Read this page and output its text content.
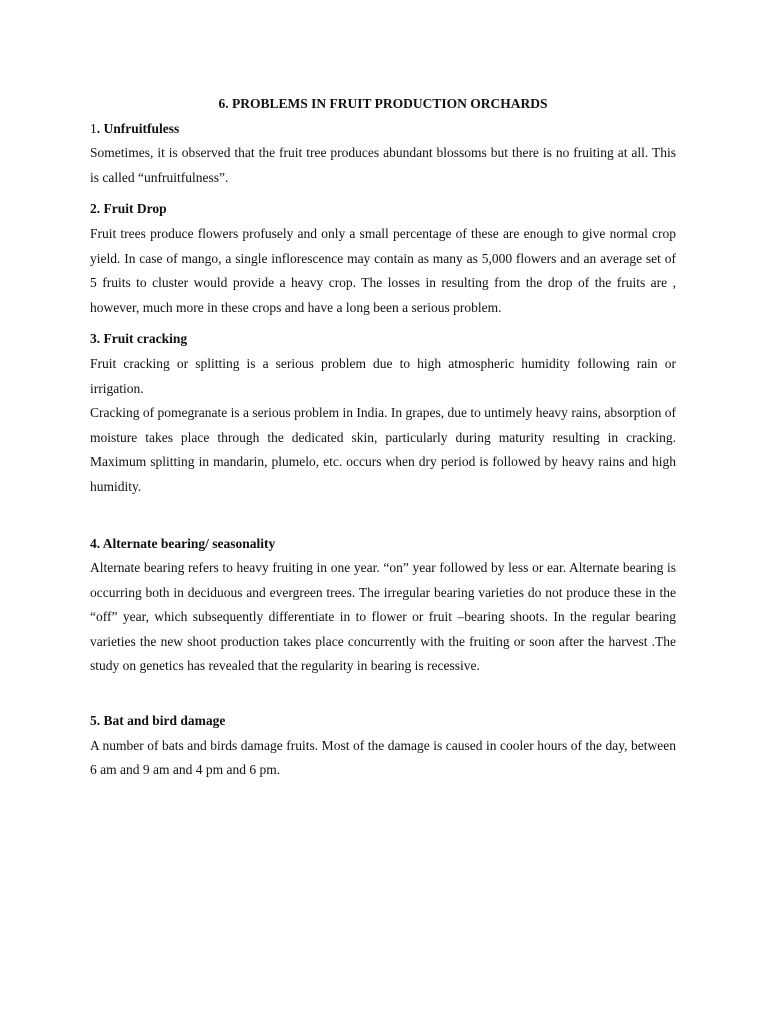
6. PROBLEMS IN FRUIT PRODUCTION ORCHARDS
1. Unfruitfuless

Sometimes, it is observed that the fruit tree produces abundant blossoms but there is no fruiting at all. This is called “unfruitfulness”.

2. Fruit Drop

Fruit trees produce flowers profusely and only a small percentage of these are enough to give normal crop yield. In case of mango, a single inflorescence may contain as many as 5,000 flowers and an average set of 5 fruits to cluster would provide a heavy crop. The losses in resulting from the drop of the fruits are , however, much more in these crops and have a long been a serious problem.

3. Fruit cracking

Fruit cracking or splitting is a serious problem due to high atmospheric humidity following rain or irrigation.

Cracking of pomegranate is a serious problem in India. In grapes, due to untimely heavy rains, absorption of moisture takes place through the dedicated skin, particularly during maturity resulting in cracking. Maximum splitting in mandarin, plumelo, etc. occurs when dry period is followed by heavy rains and high humidity.

4. Alternate bearing/ seasonality

Alternate bearing refers to heavy fruiting in one year. “on” year followed by less or ear. Alternate bearing is occurring both in deciduous and evergreen trees. The irregular bearing varieties do not produce these in the “off” year, which subsequently differentiate in to flower or fruit –bearing shoots. In the regular bearing varieties the new shoot production takes place concurrently with the fruiting or soon after the harvest .The study on genetics has revealed that the regularity in bearing is recessive.

5. Bat and bird damage

A number of bats and birds damage fruits. Most of the damage is caused in cooler hours of the day, between 6 am and 9 am and 4 pm and 6 pm.
